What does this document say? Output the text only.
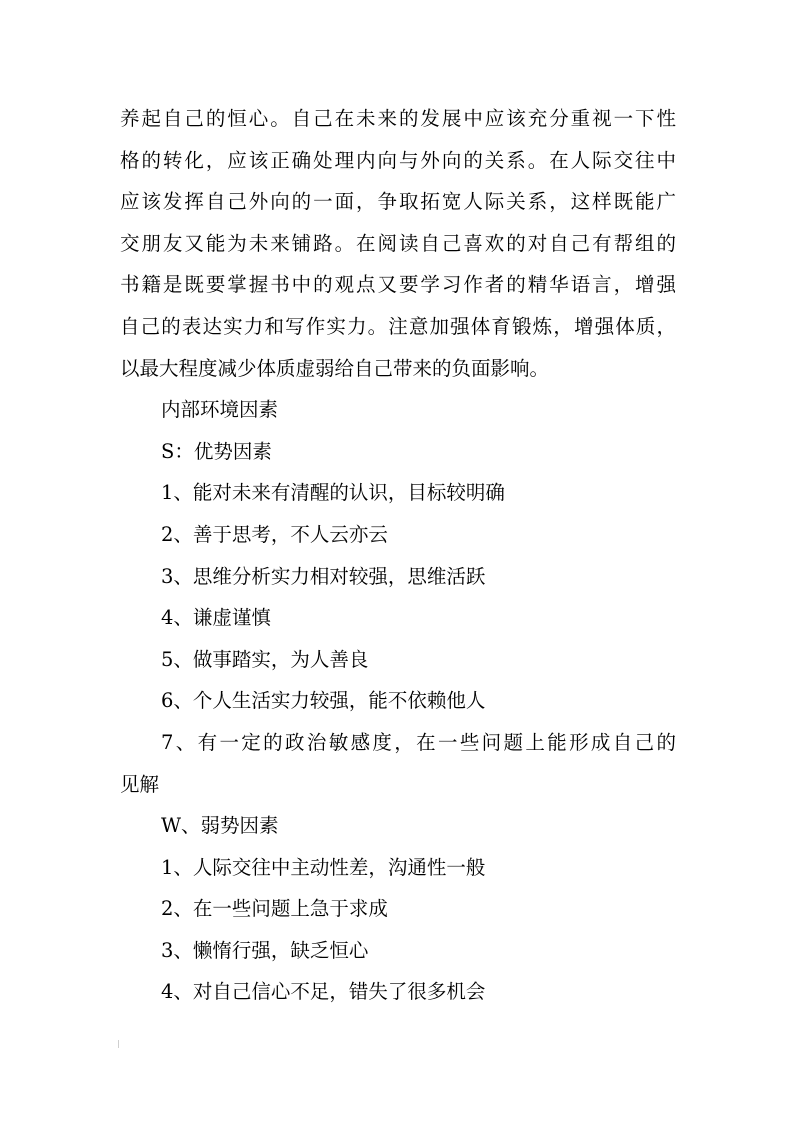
养起自己的恒心。自己在未来的发展中应该充分重视一下性
格的转化，应该正确处理内向与外向的关系。在人际交往中
应该发挥自己外向的一面，争取拓宽人际关系，这样既能广
交朋友又能为未来铺路。在阅读自己喜欢的对自己有帮组的
书籍是既要掌握书中的观点又要学习作者的精华语言，增强
自己的表达实力和写作实力。注意加强体育锻炼，增强体质，
以最大程度减少体质虚弱给自己带来的负面影响。
内部环境因素
S：优势因素
1、能对未来有清醒的认识，目标较明确
2、善于思考，不人云亦云
3、思维分析实力相对较强，思维活跃
4、谦虚谨慎
5、做事踏实，为人善良
6、个人生活实力较强，能不依赖他人
7、有一定的政治敏感度，在一些问题上能形成自己的
见解
W、弱势因素
1、人际交往中主动性差，沟通性一般
2、在一些问题上急于求成
3、懒惰行强，缺乏恒心
4、对自己信心不足，错失了很多机会
